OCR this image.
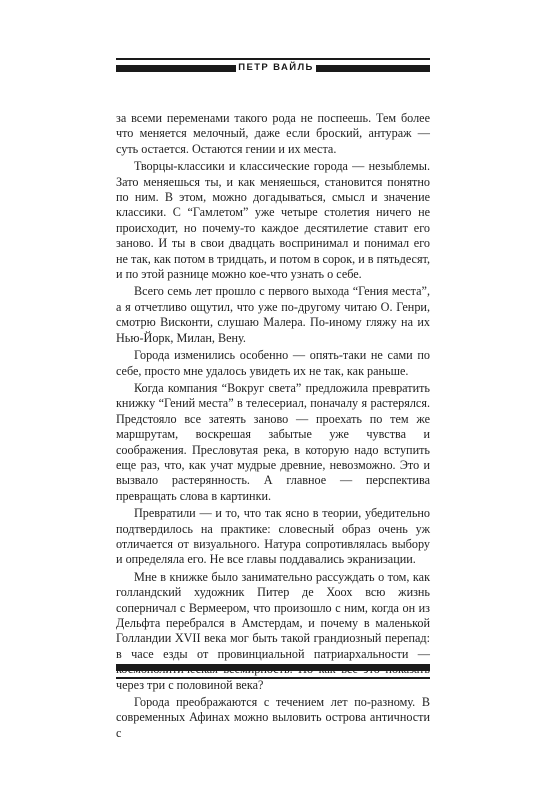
ПЕТР ВАЙЛЬ

за всеми переменами такого рода не поспеешь. Тем более что меняется мелочный, даже если броский, антураж — суть остается. Остаются гении и их места.

Творцы-классики и классические города — незыблемы. Зато меняешься ты, и как меняешься, становится понятно по ним. В этом, можно догадываться, смысл и значение классики. С “Гамлетом” уже четыре столетия ничего не происходит, но почему-то каждое десятилетие ставит его заново. И ты в свои двадцать воспринимал и понимал его не так, как потом в тридцать, и потом в сорок, и в пятьдесят, и по этой разнице можно кое-что узнать о себе.

Всего семь лет прошло с первого выхода “Гения места”, а я отчетливо ощутил, что уже по-другому читаю О. Генри, смотрю Висконти, слушаю Малера. По-иному гляжу на их Нью-Йорк, Милан, Вену.

Города изменились особенно — опять-таки не сами по себе, просто мне удалось увидеть их не так, как раньше.

Когда компания “Вокруг света” предложила превратить книжку “Гений места” в телесериал, поначалу я растерялся. Предстояло все затеять заново — проехать по тем же маршрутам, воскрешая забытые уже чувства и соображения. Пресловутая река, в которую надо вступить еще раз, что, как учат мудрые древние, невозможно. Это и вызвало растерянность. А главное — перспектива превращать слова в картинки.

Превратили — и то, что так ясно в теории, убедительно подтвердилось на практике: словесный образ очень уж отличается от визуального. Натура сопротивлялась выбору и определяла его. Не все главы поддавались экранизации.

Мне в книжке было занимательно рассуждать о том, как голландский художник Питер де Хоох всю жизнь соперничал с Вермеером, что произошло с ним, когда он из Дельфта перебрался в Амстердам, и почему в маленькой Голландии XVII века мог быть такой грандиозный перепад: в часе езды от провинциальной патриархальности — через три с половиной века?

Города преображаются с течением лет по-разному. В современных Афинах можно выловить острова античности с
